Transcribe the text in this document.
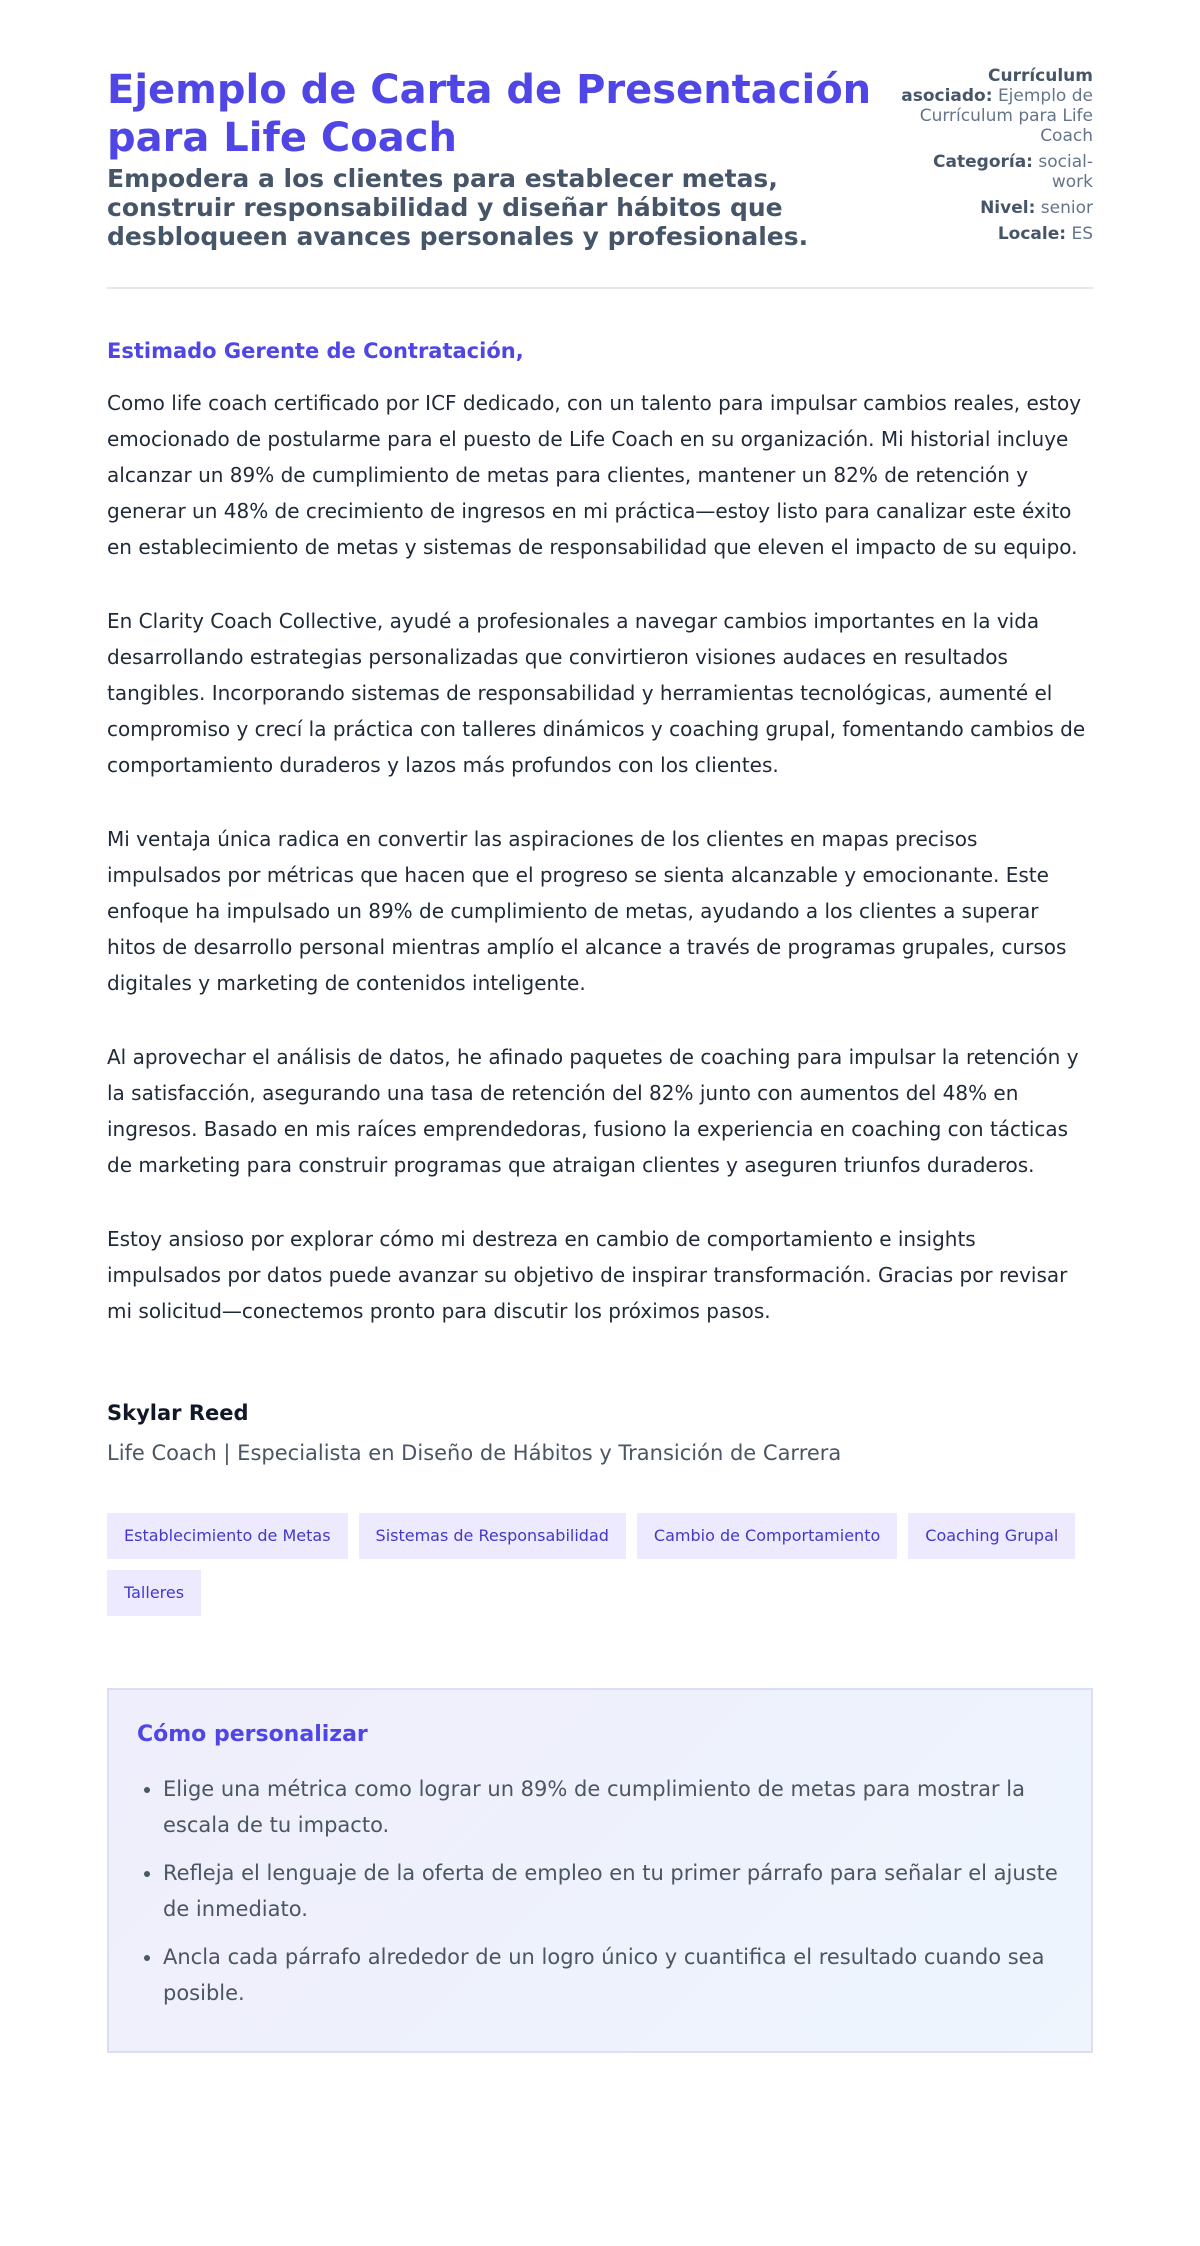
Ejemplo de Carta de Presentación para Life Coach
Empodera a los clientes para establecer metas, construir responsabilidad y diseñar hábitos que desbloqueen avances personales y profesionales.
Currículum asociado: Ejemplo de Currículum para Life Coach
Categoría: social-work
Nivel: senior
Locale: ES
Estimado Gerente de Contratación,

Como life coach certificado por ICF dedicado, con un talento para impulsar cambios reales, estoy emocionado de postularme para el puesto de Life Coach en su organización. Mi historial incluye alcanzar un 89% de cumplimiento de metas para clientes, mantener un 82% de retención y generar un 48% de crecimiento de ingresos en mi práctica—estoy listo para canalizar este éxito en establecimiento de metas y sistemas de responsabilidad que eleven el impacto de su equipo.

En Clarity Coach Collective, ayudé a profesionales a navegar cambios importantes en la vida desarrollando estrategias personalizadas que convirtieron visiones audaces en resultados tangibles. Incorporando sistemas de responsabilidad y herramientas tecnológicas, aumenté el compromiso y crecí la práctica con talleres dinámicos y coaching grupal, fomentando cambios de comportamiento duraderos y lazos más profundos con los clientes.

Mi ventaja única radica en convertir las aspiraciones de los clientes en mapas precisos impulsados por métricas que hacen que el progreso se sienta alcanzable y emocionante. Este enfoque ha impulsado un 89% de cumplimiento de metas, ayudando a los clientes a superar hitos de desarrollo personal mientras amplío el alcance a través de programas grupales, cursos digitales y marketing de contenidos inteligente.

Al aprovechar el análisis de datos, he afinado paquetes de coaching para impulsar la retención y la satisfacción, asegurando una tasa de retención del 82% junto con aumentos del 48% en ingresos. Basado en mis raíces emprendedoras, fusiono la experiencia en coaching con tácticas de marketing para construir programas que atraigan clientes y aseguren triunfos duraderos.

Estoy ansioso por explorar cómo mi destreza en cambio de comportamiento e insights impulsados por datos puede avanzar su objetivo de inspirar transformación. Gracias por revisar mi solicitud—conectemos pronto para discutir los próximos pasos.

Skylar Reed
Life Coach | Especialista en Diseño de Hábitos y Transición de Carrera
Establecimiento de Metas	Sistemas de Responsabilidad	Cambio de Comportamiento	Coaching Grupal
Talleres
Cómo personalizar
• Elige una métrica como lograr un 89% de cumplimiento de metas para mostrar la escala de tu impacto.
• Refleja el lenguaje de la oferta de empleo en tu primer párrafo para señalar el ajuste de inmediato.
• Ancla cada párrafo alrededor de un logro único y cuantifica el resultado cuando sea posible.
